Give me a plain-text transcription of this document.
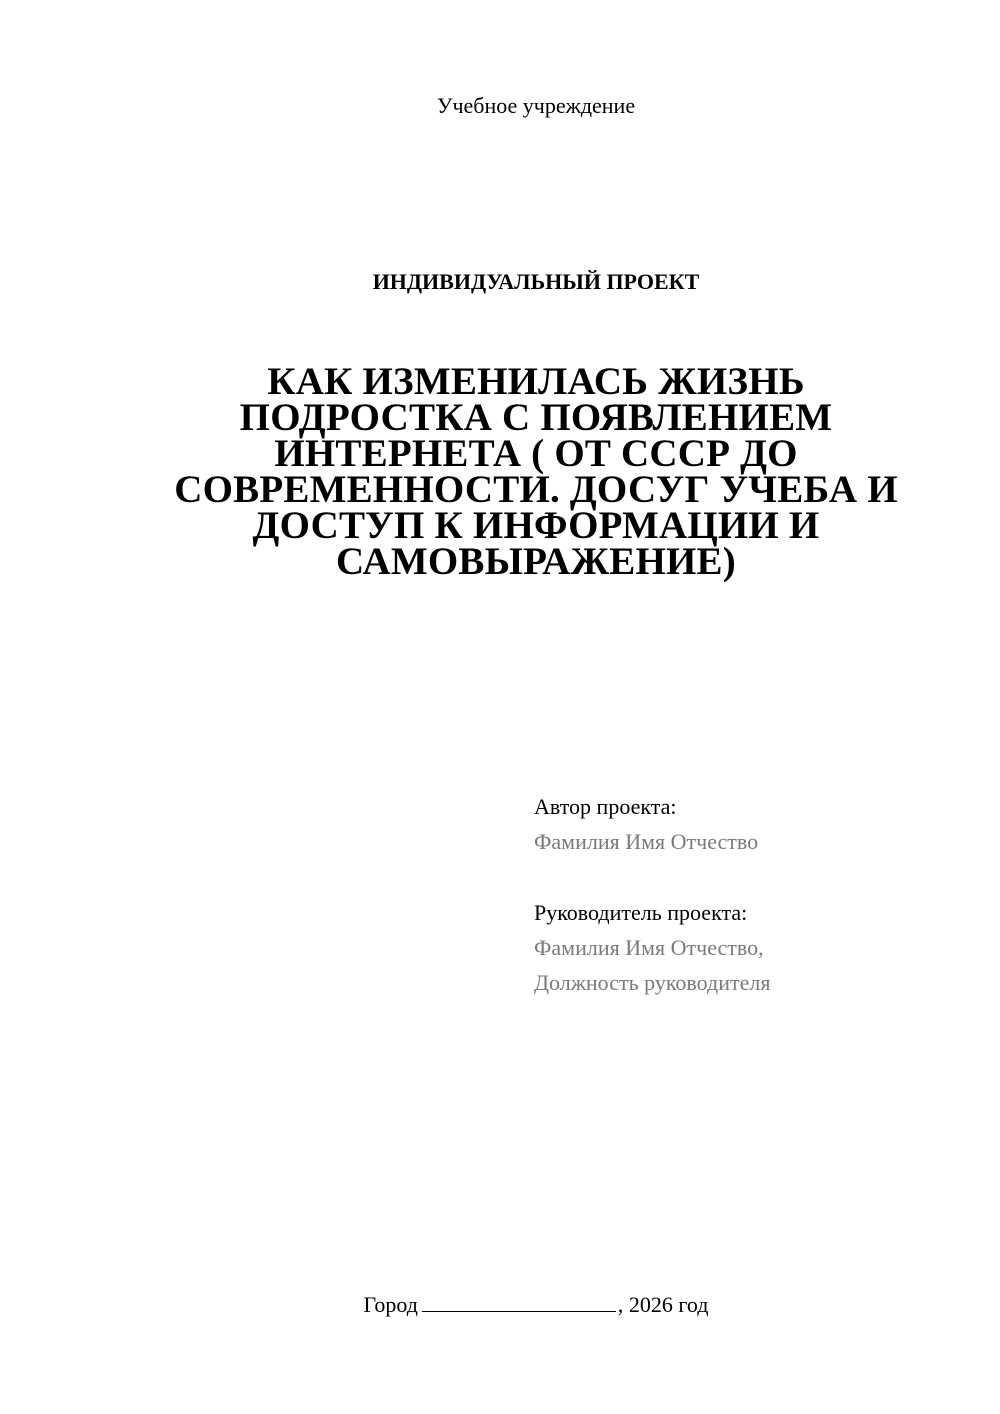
Учебное учреждение
ИНДИВИДУАЛЬНЫЙ ПРОЕКТ
КАК ИЗМЕНИЛАСЬ ЖИЗНЬ
ПОДРОСТКА С ПОЯВЛЕНИЕМ
ИНТЕРНЕТА ( ОТ СССР ДО
СОВРЕМЕННОСТИ. ДОСУГ УЧЕБА И
ДОСТУП К ИНФОРМАЦИИ И
САМОВЫРАЖЕНИЕ)
Автор проекта:
Фамилия Имя Отчество
Руководитель проекта:
Фамилия Имя Отчество,
Должность руководителя
Город	, 2026 год
